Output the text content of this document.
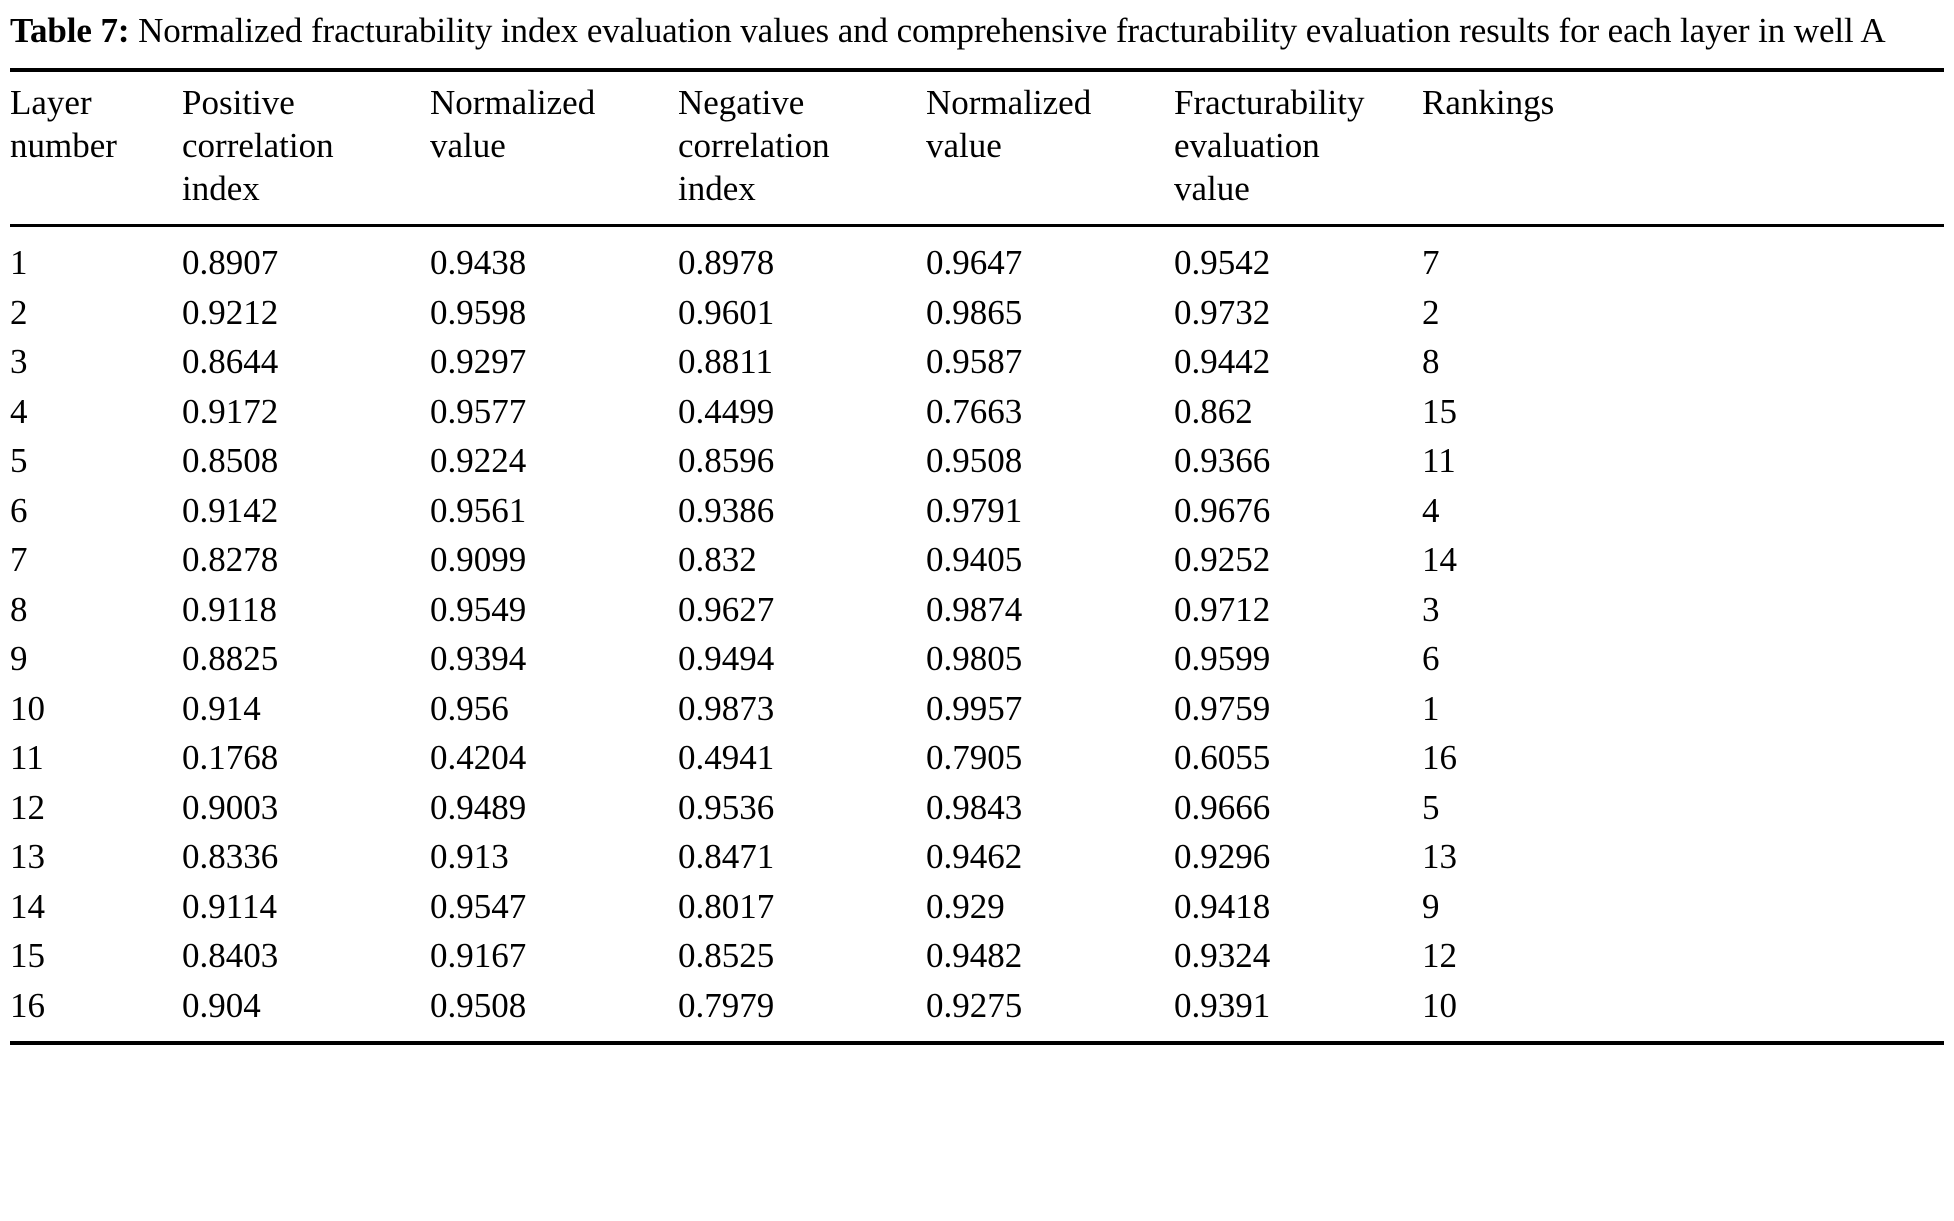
Table 7: Normalized fracturability index evaluation values and comprehensive fracturability evaluation results for each layer in well A
Layer
number	Positive
correlation
index	Normalized
value	Negative
correlation
index	Normalized
value	Fracturability
evaluation
value	Rankings

1	0.8907	0.9438	0.8978	0.9647	0.9542	7
2	0.9212	0.9598	0.9601	0.9865	0.9732	2
3	0.8644	0.9297	0.8811	0.9587	0.9442	8
4	0.9172	0.9577	0.4499	0.7663	0.862	15
5	0.8508	0.9224	0.8596	0.9508	0.9366	11
6	0.9142	0.9561	0.9386	0.9791	0.9676	4
7	0.8278	0.9099	0.832	0.9405	0.9252	14
8	0.9118	0.9549	0.9627	0.9874	0.9712	3
9	0.8825	0.9394	0.9494	0.9805	0.9599	6
10	0.914	0.956	0.9873	0.9957	0.9759	1
11	0.1768	0.4204	0.4941	0.7905	0.6055	16
12	0.9003	0.9489	0.9536	0.9843	0.9666	5
13	0.8336	0.913	0.8471	0.9462	0.9296	13
14	0.9114	0.9547	0.8017	0.929	0.9418	9
15	0.8403	0.9167	0.8525	0.9482	0.9324	12
16	0.904	0.9508	0.7979	0.9275	0.9391	10
